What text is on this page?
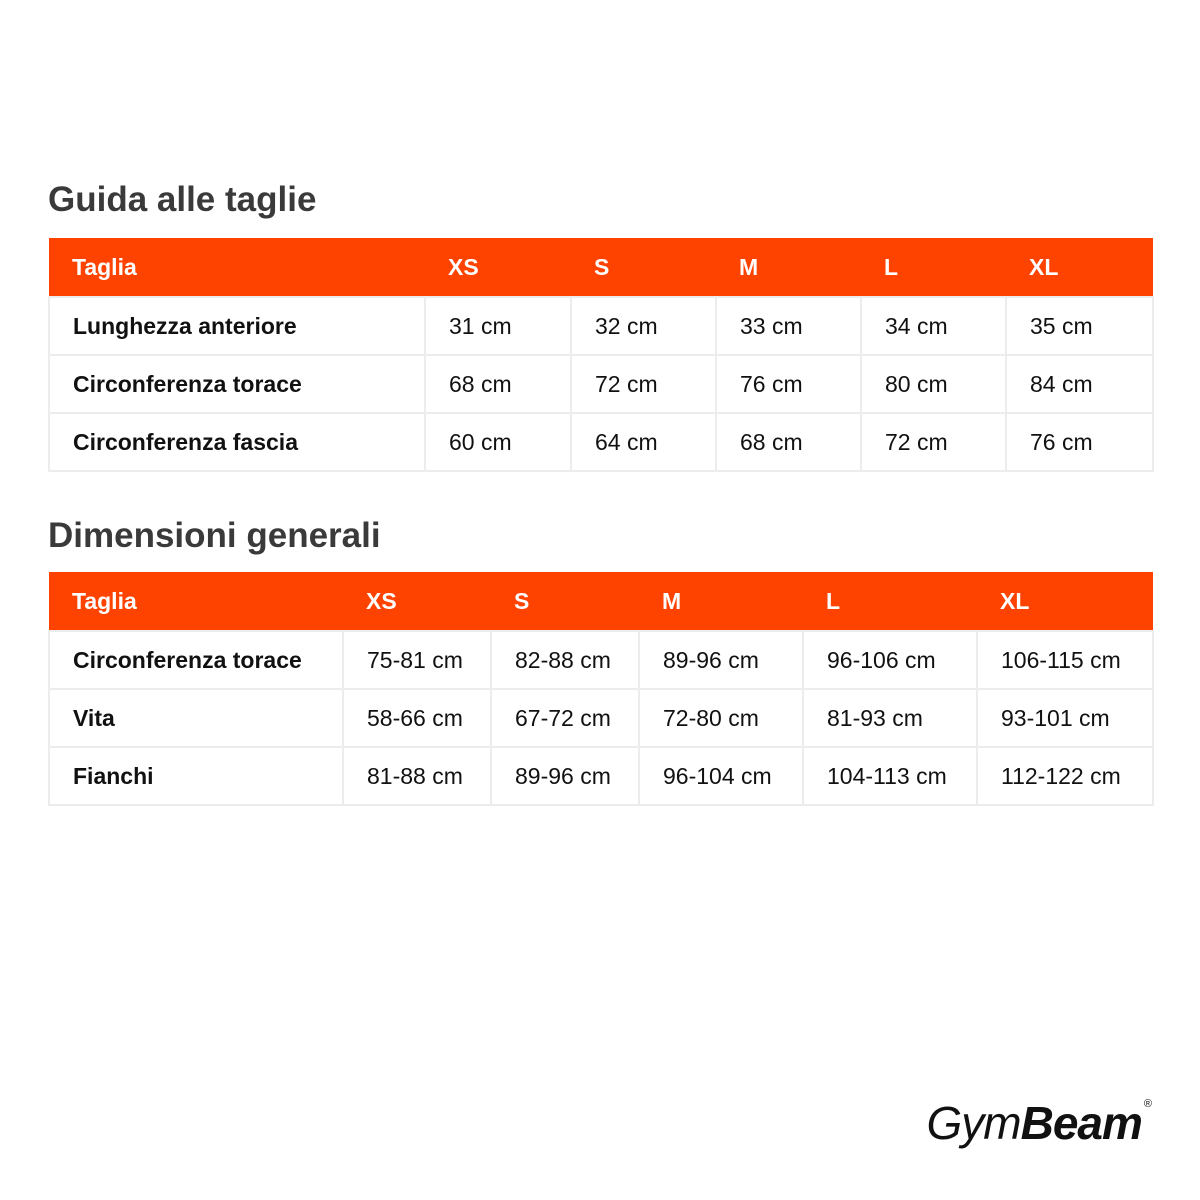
Guida alle taglie
Taglia	XS	S	M	L	XL
Lunghezza anteriore	31 cm	32 cm	33 cm	34 cm	35 cm
Circonferenza torace	68 cm	72 cm	76 cm	80 cm	84 cm
Circonferenza fascia	60 cm	64 cm	68 cm	72 cm	76 cm
Dimensioni generali
Taglia	XS	S	M	L	XL
Circonferenza torace	75-81 cm	82-88 cm	89-96 cm	96-106 cm	106-115 cm
Vita	58-66 cm	67-72 cm	72-80 cm	81-93 cm	93-101 cm
Fianchi	81-88 cm	89-96 cm	96-104 cm	104-113 cm	112-122 cm
GymBeam ®
